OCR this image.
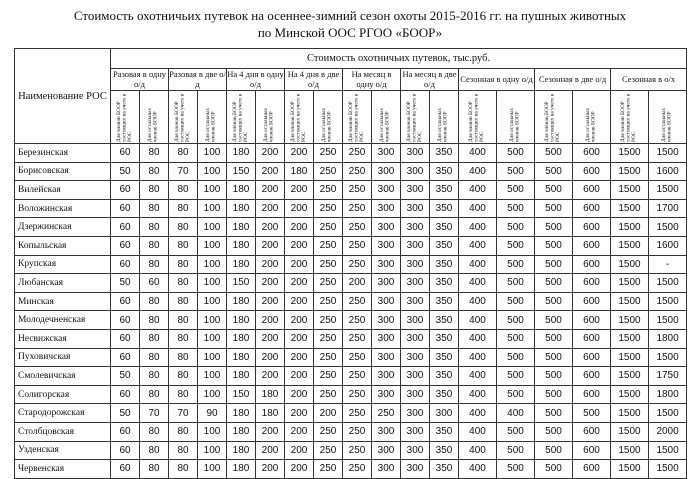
Стоимость охотничьих путевок на осеннее-зимний сезон охоты 2015-2016 гг. на пушных животных
по Минской ООС РГОО «БООР»
Наименование РОС	Стоимость охотничьих путевок, тыс.руб.																	
	Разовая в одну о/д		Разовая в две о/д		На 4 дня в одну о/д		На 4 дня в две о/д		На месяц в одну о/д		На месяц в две о/д		Сезонная в одну о/д		Сезонная в две о/д		Сезонная в о/х	

	Для членов БООР состоящих на учете в РОС	Для остальных членов БООР	Для членов БООР состоящих на учете в РОС	Для остальных членов БООР	Для членов БООР состоящих на учете в РОС	Для остальных членов БООР	Для членов БООР состоящих на учете в РОС	Для остальных членов БООР	Для членов БООР состоящих на учете в РОС	Для остальных членов БООР	Для членов БООР состоящих на учете в РОС	Для остальных членов БООР	Для членов БООР состоящих на учете в РОС	Для остальных членов БООР	Для членов БООР состоящих на учете в РОС	Для остальных членов БООР	Для членов БООР состоящих на учете в РОС	Для остальных членов БООР

Березинская	60	80	80	100	180	200	200	250	250	300	300	350	400	500	500	600	1500	1500
Борисовская	50	80	70	100	150	200	180	250	250	300	300	350	400	500	500	600	1500	1600
Вилейская	60	80	80	100	180	200	200	250	250	300	300	350	400	500	500	600	1500	1500
Воложинская	60	80	80	100	180	200	200	250	250	300	300	350	400	500	500	600	1500	1700
Дзержинская	60	80	80	100	180	200	200	250	250	300	300	350	400	500	500	600	1500	1500
Копыльская	60	80	80	100	180	200	200	250	250	300	300	350	400	500	500	600	1500	1600
Крупская	60	80	80	100	180	200	200	250	250	300	300	350	400	500	500	600	1500	-
Любанская	50	60	80	100	150	200	200	250	200	300	300	350	400	500	500	600	1500	1500
Минская	60	80	80	100	180	200	200	250	250	300	300	350	400	500	500	600	1500	1500
Молодечненская	60	80	80	100	180	200	200	250	250	300	300	350	400	500	500	600	1500	1500
Несвижская	60	80	80	100	180	200	200	250	250	300	300	350	400	500	500	600	1500	1800
Пуховичская	60	80	80	100	180	200	200	250	250	300	300	350	400	500	500	600	1500	1500
Смолевичская	50	80	80	100	180	200	200	250	250	300	300	350	400	500	500	600	1500	1750
Солигорская	60	80	80	100	150	180	200	250	250	300	300	350	400	500	500	600	1500	1800
Стародорожская	50	70	70	90	180	180	200	200	250	250	300	300	400	400	500	500	1500	1500
Столбцовская	60	80	80	100	180	200	200	250	250	300	300	350	400	500	500	600	1500	2000
Узденская	60	80	80	100	180	200	200	250	250	300	300	350	400	500	500	600	1500	1500
Червенская	60	80	80	100	180	200	200	250	250	300	300	350	400	500	500	600	1500	1500
